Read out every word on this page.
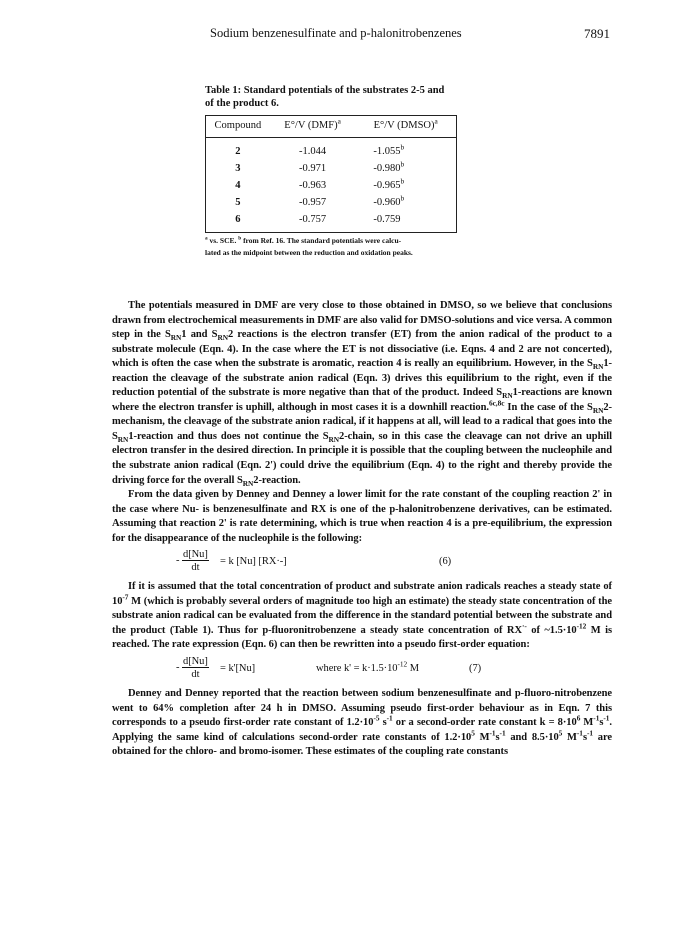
Sodium benzenesulfinate and p-halonitrobenzenes	7891
Table 1: Standard potentials of the substrates 2-5 and
of the product 6.
Compound	E°/V (DMF)$^a$	E°/V (DMSO)$^a$
2	-1.044	-1.055$^b$
3	-0.971	-0.980$^b$
4	-0.963	-0.965$^b$
5	-0.957	-0.960$^b$
6	-0.757	-0.759
$^a$ vs. SCE. $^b$ from Ref. 16. The standard potentials were calcu-
lated as the midpoint between the reduction and oxidation peaks.

The potentials measured in DMF are very close to those obtained in DMSO, so we believe that conclusions drawn from electrochemical measurements in DMF are also valid for DMSO-solutions and vice versa. A common step in the $S_{RN}1$ and $S_{RN}2$ reactions is the electron transfer (ET) from the anion radical of the product to a substrate molecule (Eqn. 4). In the case where the ET is not dissociative (i.e. Eqns. 4 and 2 are not concerted), which is often the case when the substrate is aromatic, reaction 4 is really an equilibrium. However, in the $S_{RN}1$-reaction the cleavage of the substrate anion radical (Eqn. 3) drives this equilibrium to the right, even if the reduction potential of the substrate is more negative than that of the product. Indeed $S_{RN}1$-reactions are known where the electron transfer is uphill, although in most cases it is a downhill reaction.$^{6c,8c}$ In the case of the $S_{RN}2$-mechanism, the cleavage of the substrate anion radical, if it happens at all, will lead to a radical that goes into the $S_{RN}1$-reaction and thus does not continue the $S_{RN}2$-chain, so in this case the cleavage can not drive an uphill electron transfer in the desired direction. In principle it is possible that the coupling between the nucleophile and the substrate anion radical (Eqn. 2') could drive the equilibrium (Eqn. 4) to the right and thereby provide the driving force for the overall $S_{RN}2$-reaction.

From the data given by Denney and Denney a lower limit for the rate constant of the coupling reaction 2' in the case where Nu- is benzenesulfinate and RX is one of the p-halonitrobenzene derivatives, can be estimated. Assuming that reaction 2' is rate determining, which is true when reaction 4 is a pre-equilibrium, the expression for the disappearance of the nucleophile is the following:

- $\frac{d[Nu]}{dt} = k$ [Nu] [RX·-]	(6)

If it is assumed that the total concentration of product and substrate anion radicals reaches a steady state of $10^{-7}$ M (which is probably several orders of magnitude too high an estimate) the steady state concentration of the substrate anion radical can be evaluated from the difference in the standard potential between the substrate and the product (Table 1). Thus for p-fluoronitrobenzene a steady state concentration of RX·- of $\sim 1.5\cdot 10^{-12}$ M is reached. The rate expression (Eqn. 6) can then be rewritten into a pseudo first-order equation:

- $\frac{d[Nu]}{dt} = k'[Nu]$	where $k' = k\cdot 1.5\cdot 10^{-12}$ M	(7)

Denney and Denney reported that the reaction between sodium benzenesulfinate and p-fluoro-nitrobenzene went to 64% completion after 24 h in DMSO. Assuming pseudo first-order behaviour as in Eqn. 7 this corresponds to a pseudo first-order rate constant of $1.2\cdot 10^{-5}$ $s^{-1}$ or a second-order rate constant $k = 8\cdot 10^6$ $M^{-1}s^{-1}$. Applying the same kind of calculations second-order rate constants of $1.2\cdot 10^5$ $M^{-1}s^{-1}$ and $8.5\cdot 10^5$ $M^{-1}s^{-1}$ are obtained for the chloro- and bromo-isomer. These estimates of the coupling rate constants
